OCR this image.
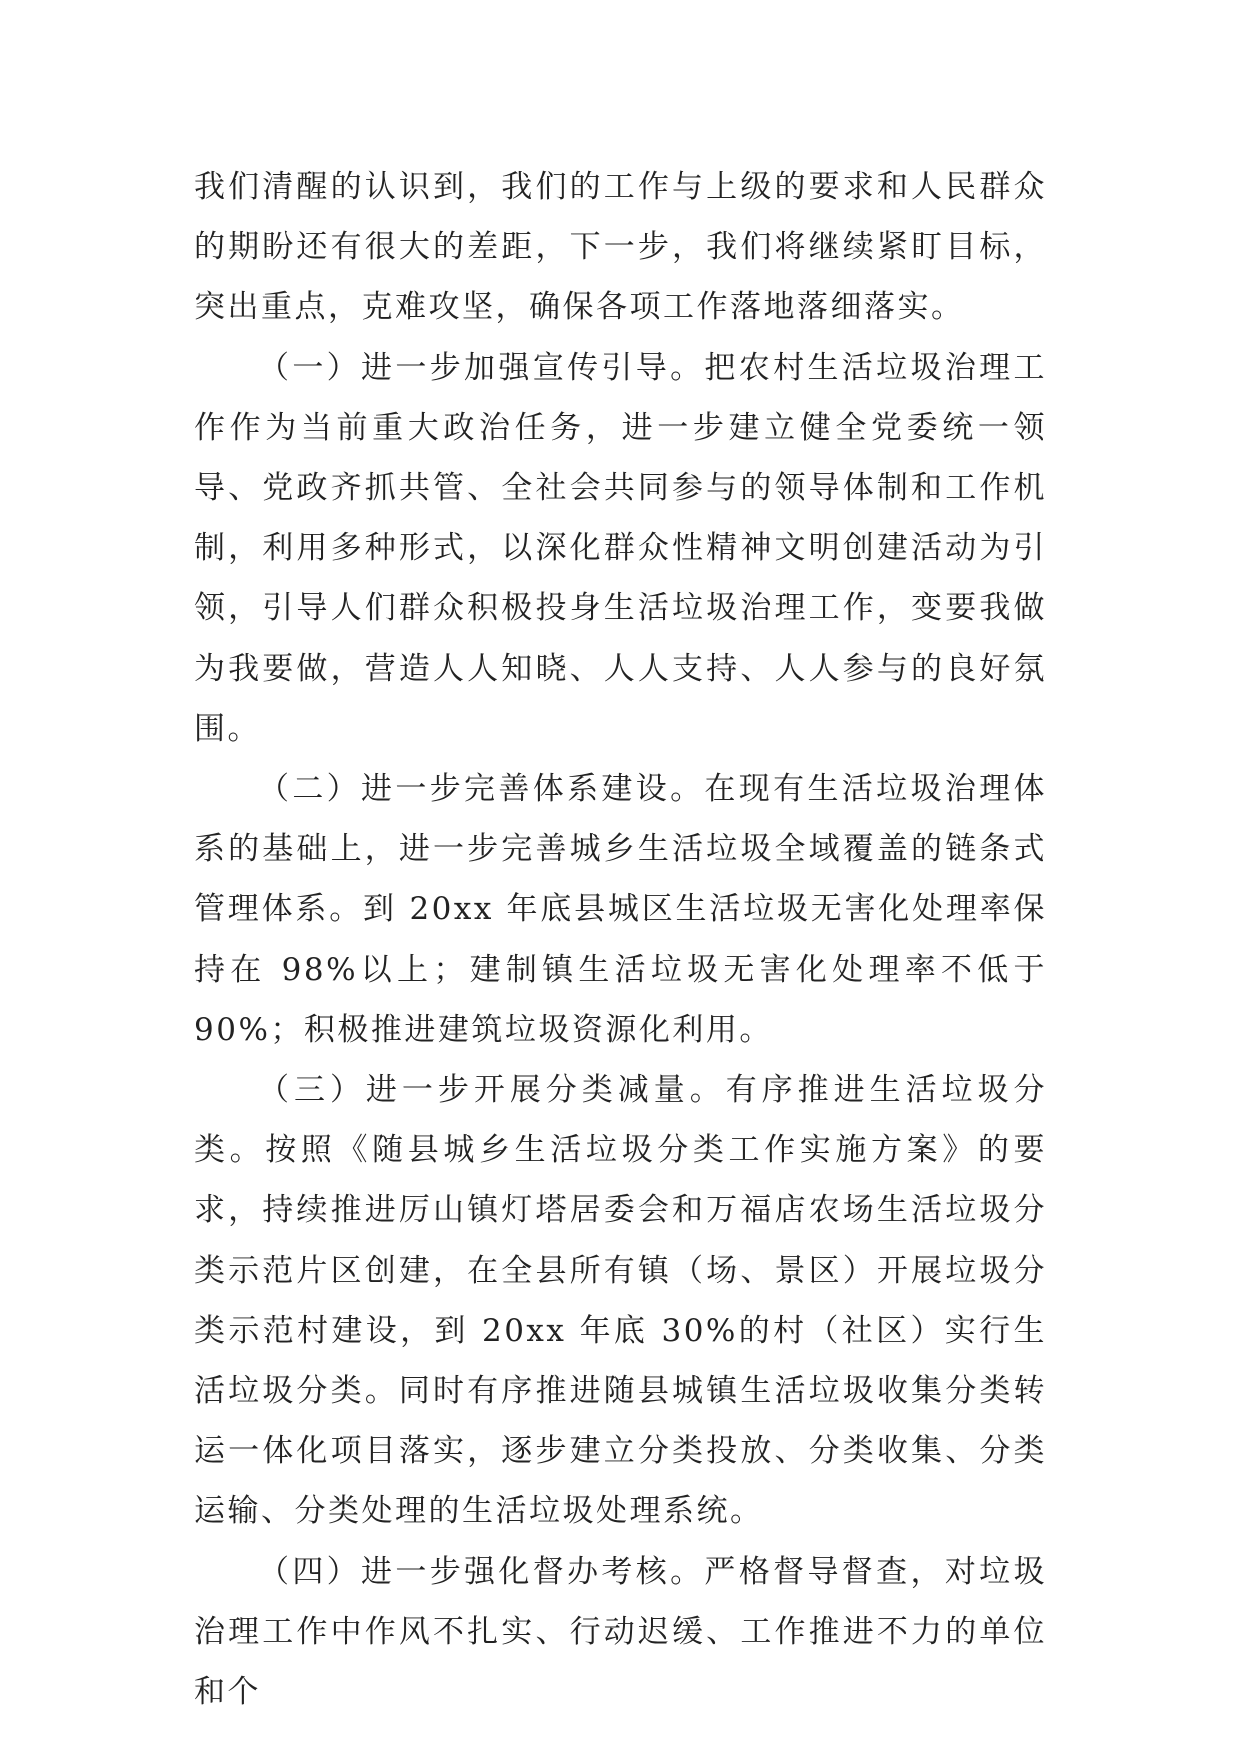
我们清醒的认识到，我们的工作与上级的要求和人民群众的期盼还有很大的差距，下一步，我们将继续紧盯目标，突出重点，克难攻坚，确保各项工作落地落细落实。

（一）进一步加强宣传引导。把农村生活垃圾治理工作作为当前重大政治任务，进一步建立健全党委统一领导、党政齐抓共管、全社会共同参与的领导体制和工作机制，利用多种形式，以深化群众性精神文明创建活动为引领，引导人们群众积极投身生活垃圾治理工作，变要我做为我要做，营造人人知晓、人人支持、人人参与的良好氛围。

（二）进一步完善体系建设。在现有生活垃圾治理体系的基础上，进一步完善城乡生活垃圾全域覆盖的链条式管理体系。到 20xx 年底县城区生活垃圾无害化处理率保持在 98%以上；建制镇生活垃圾无害化处理率不低于 90%；积极推进建筑垃圾资源化利用。

（三）进一步开展分类减量。有序推进生活垃圾分类。按照《随县城乡生活垃圾分类工作实施方案》的要求，持续推进厉山镇灯塔居委会和万福店农场生活垃圾分类示范片区创建，在全县所有镇（场、景区）开展垃圾分类示范村建设，到 20xx 年底 30%的村（社区）实行生活垃圾分类。同时有序推进随县城镇生活垃圾收集分类转运一体化项目落实，逐步建立分类投放、分类收集、分类运输、分类处理的生活垃圾处理系统。

（四）进一步强化督办考核。严格督导督查，对垃圾治理工作中作风不扎实、行动迟缓、工作推进不力的单位和个
